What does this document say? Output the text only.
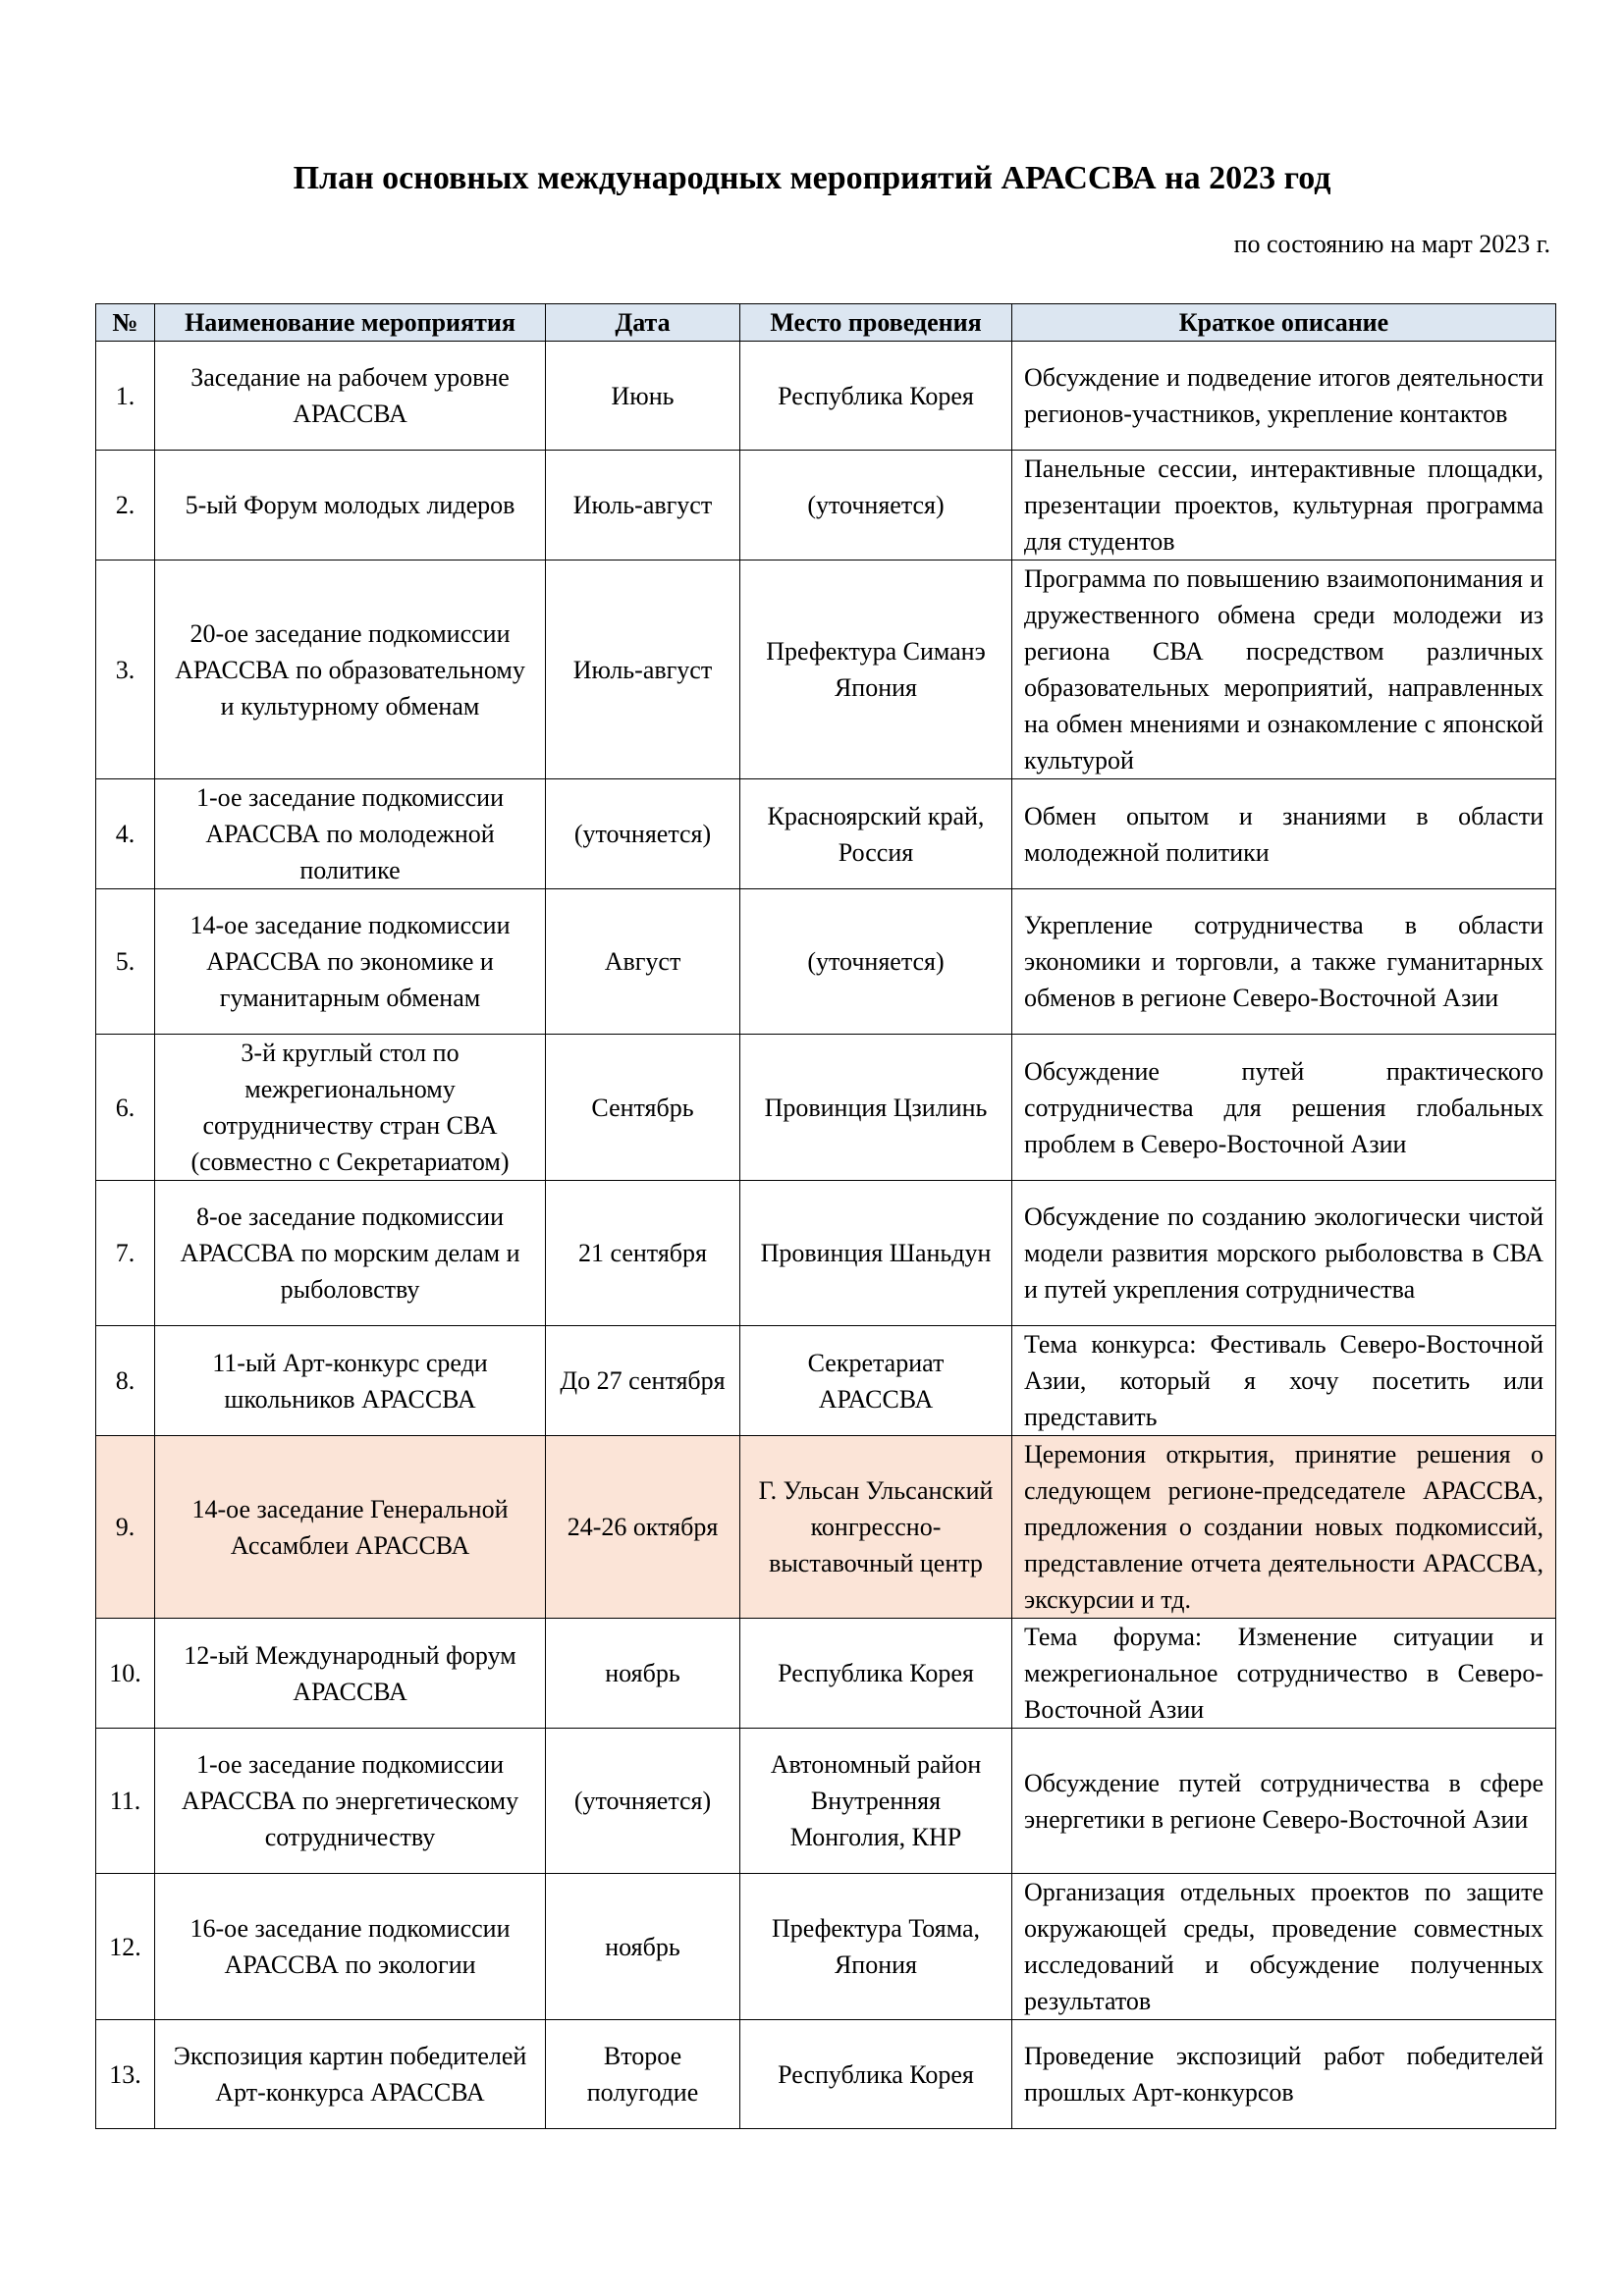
План основных международных мероприятий АРАССВА на 2023 год
по состоянию на март 2023 г.
№	Наименование мероприятия	Дата	Место проведения	Краткое описание
1.	Заседание на рабочем уровне АРАССВА	Июнь	Республика Корея	Обсуждение и подведение итогов деятельности регионов-участников, укрепление контактов
2.	5-ый Форум молодых лидеров	Июль-август	(уточняется)	Панельные сессии, интерактивные площадки, презентации проектов, культурная программа для студентов
3.	20-ое заседание подкомиссии АРАССВА по образовательному и культурному обменам	Июль-август	Префектура Симанэ Япония	Программа по повышению взаимопонимания и дружественного обмена среди молодежи из региона СВА посредством различных образовательных мероприятий, направленных на обмен мнениями и ознакомление с японской культурой
4.	1-ое заседание подкомиссии АРАССВА по молодежной политике	(уточняется)	Красноярский край, Россия	Обмен опытом и знаниями в области молодежной политики
5.	14-ое заседание подкомиссии АРАССВА по экономике и гуманитарным обменам	Август	(уточняется)	Укрепление сотрудничества в области экономики и торговли, а также гуманитарных обменов в регионе Северо-Восточной Азии
6.	3-й круглый стол по межрегиональному сотрудничеству стран СВА (совместно с Секретариатом)	Сентябрь	Провинция Цзилинь	Обсуждение путей практического сотрудничества для решения глобальных проблем в Северо-Восточной Азии
7.	8-ое заседание подкомиссии АРАССВА по морским делам и рыболовству	21 сентября	Провинция Шаньдун	Обсуждение по созданию экологически чистой модели развития морского рыболовства в СВА и путей укрепления сотрудничества
8.	11-ый Арт-конкурс среди школьников АРАССВА	До 27 сентября	Секретариат АРАССВА	Тема конкурса: Фестиваль Северо-Восточной Азии, который я хочу посетить или представить
9.	14-ое заседание Генеральной Ассамблеи АРАССВА	24-26 октября	Г. Ульсан Ульсанский конгрессно-выставочный центр	Церемония открытия, принятие решения о следующем регионе-председателе АРАССВА, предложения о создании новых подкомиссий, представление отчета деятельности АРАССВА, экскурсии и тд.
10.	12-ый Международный форум АРАССВА	ноябрь	Республика Корея	Тема форума: Изменение ситуации и межрегиональное сотрудничество в Северо-Восточной Азии
11.	1-ое заседание подкомиссии АРАССВА по энергетическому сотрудничеству	(уточняется)	Автономный район Внутренняя Монголия, КНР	Обсуждение путей сотрудничества в сфере энергетики в регионе Северо-Восточной Азии
12.	16-ое заседание подкомиссии АРАССВА по экологии	ноябрь	Префектура Тояма, Япония	Организация отдельных проектов по защите окружающей среды, проведение совместных исследований и обсуждение полученных результатов
13.	Экспозиция картин победителей Арт-конкурса АРАССВА	Второе полугодие	Республика Корея	Проведение экспозиций работ победителей прошлых Арт-конкурсов
